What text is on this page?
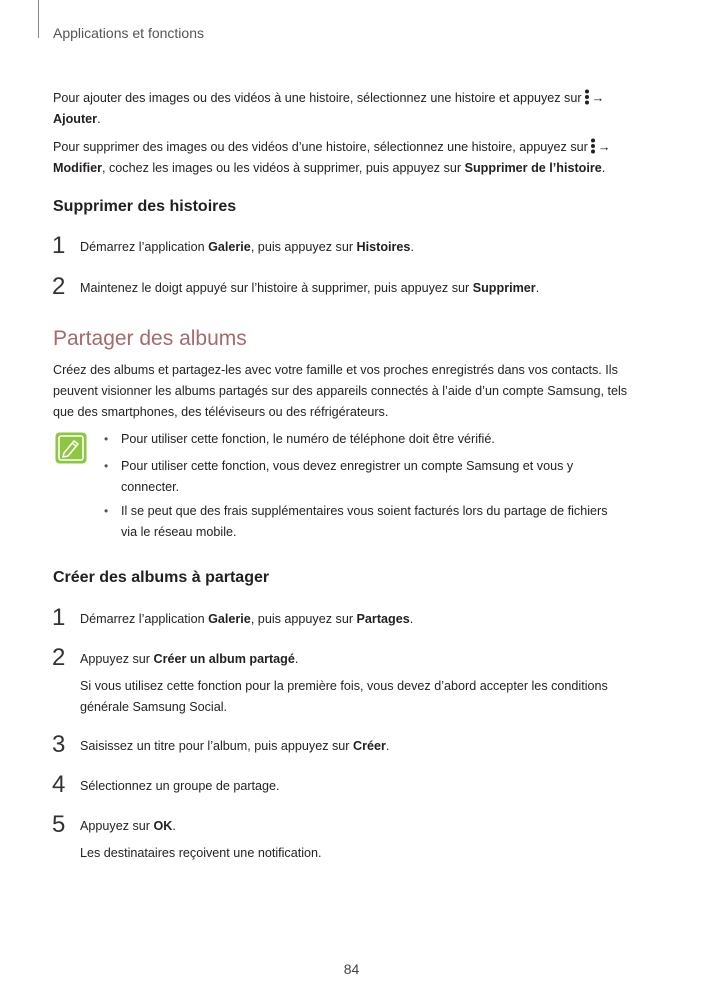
Applications et fonctions
Pour ajouter des images ou des vidéos à une histoire, sélectionnez une histoire et appuyez sur →
Ajouter.
Pour supprimer des images ou des vidéos d’une histoire, sélectionnez une histoire, appuyez sur →
Modifier, cochez les images ou les vidéos à supprimer, puis appuyez sur Supprimer de l’histoire.
Supprimer des histoires
1 Démarrez l’application Galerie, puis appuyez sur Histoires.
2 Maintenez le doigt appuyé sur l’histoire à supprimer, puis appuyez sur Supprimer.
Partager des albums
Créez des albums et partagez-les avec votre famille et vos proches enregistrés dans vos contacts. Ils peuvent visionner les albums partagés sur des appareils connectés à l’aide d’un compte Samsung, tels que des smartphones, des téléviseurs ou des réfrigérateurs.
• Pour utiliser cette fonction, le numéro de téléphone doit être vérifié.
• Pour utiliser cette fonction, vous devez enregistrer un compte Samsung et vous y
connecter.
• Il se peut que des frais supplémentaires vous soient facturés lors du partage de fichiers
via le réseau mobile.
Créer des albums à partager
1 Démarrez l’application Galerie, puis appuyez sur Partages.
2 Appuyez sur Créer un album partagé.
Si vous utilisez cette fonction pour la première fois, vous devez d’abord accepter les conditions
générale Samsung Social.
3 Saisissez un titre pour l’album, puis appuyez sur Créer.
4 Sélectionnez un groupe de partage.
5 Appuyez sur OK.
Les destinataires reçoivent une notification.
84
